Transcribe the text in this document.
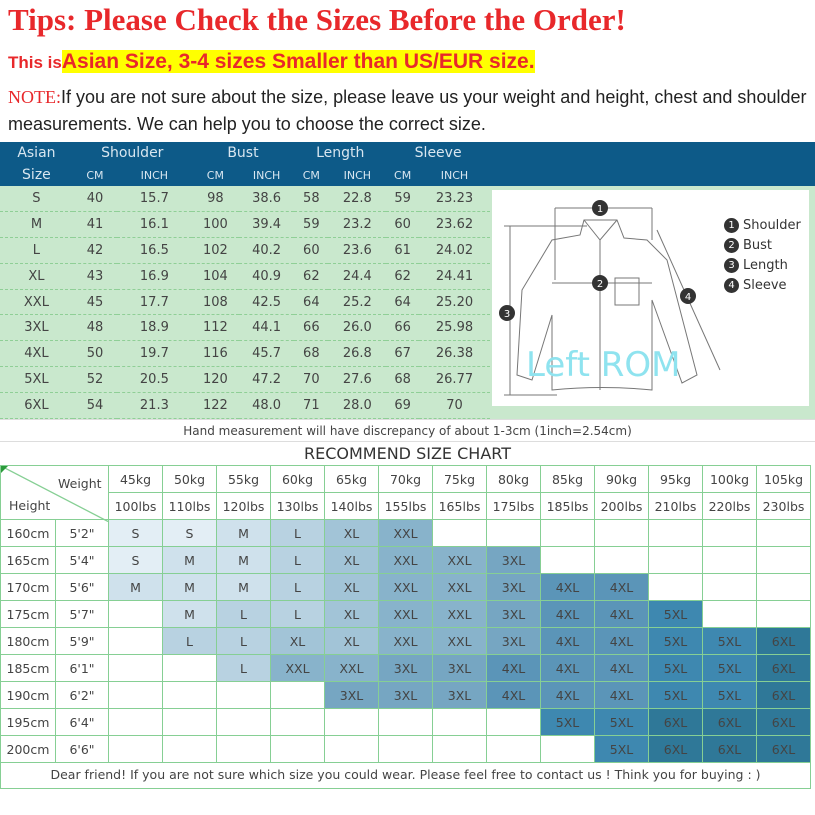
Tips: Please Check the Sizes Before the Order!
This isAsian Size, 3-4 sizes Smaller than US/EUR size.
NOTE:If you are not sure about the size, please leave us your weight and height, chest and shoulder measurements. We can help you to choose the correct size.
Asian	Shoulder		Bust		Length		Sleeve	
Size	CM	INCH	CM	INCH	CM	INCH	CM	INCH
S	40	15.7	98	38.6	58	22.8	59	23.23
M	41	16.1	100	39.4	59	23.2	60	23.62
L	42	16.5	102	40.2	60	23.6	61	24.02
XL	43	16.9	104	40.9	62	24.4	62	24.41
XXL	45	17.7	108	42.5	64	25.2	64	25.20
3XL	48	18.9	112	44.1	66	26.0	66	25.98
4XL	50	19.7	116	45.7	68	26.8	67	26.38
5XL	52	20.5	120	47.2	70	27.6	68	26.77
6XL	54	21.3	122	48.0	71	28.0	69	70
Left ROM
1
2
3
4
1 Shoulder
2 Bust
3 Length
4 Sleeve
Hand measurement will have discrepancy of about 1-3cm (1inch=2.54cm)
RECOMMEND SIZE CHART
Weight
Height		45kg	50kg	55kg	60kg	65kg	70kg	75kg	80kg	85kg	90kg	95kg	100kg	105kg
		100lbs	110lbs	120lbs	130lbs	140lbs	155lbs	165lbs	175lbs	185lbs	200lbs	210lbs	220lbs	230lbs
160cm	5'2"	S	S	M	L	XL	XXL							
165cm	5'4"	S	M	M	L	XL	XXL	XXL	3XL					
170cm	5'6"	M	M	M	L	XL	XXL	XXL	3XL	4XL	4XL			
175cm	5'7"		M	L	L	XL	XXL	XXL	3XL	4XL	4XL	5XL		
180cm	5'9"		L	L	XL	XL	XXL	XXL	3XL	4XL	4XL	5XL	5XL	6XL
185cm	6'1"			L	XXL	XXL	3XL	3XL	4XL	4XL	4XL	5XL	5XL	6XL
190cm	6'2"					3XL	3XL	3XL	4XL	4XL	4XL	5XL	5XL	6XL
195cm	6'4"									5XL	5XL	6XL	6XL	6XL
200cm	6'6"										5XL	6XL	6XL	6XL
Dear friend! If you are not sure which size you could wear. Please feel free to contact us ! Think you for buying : )
